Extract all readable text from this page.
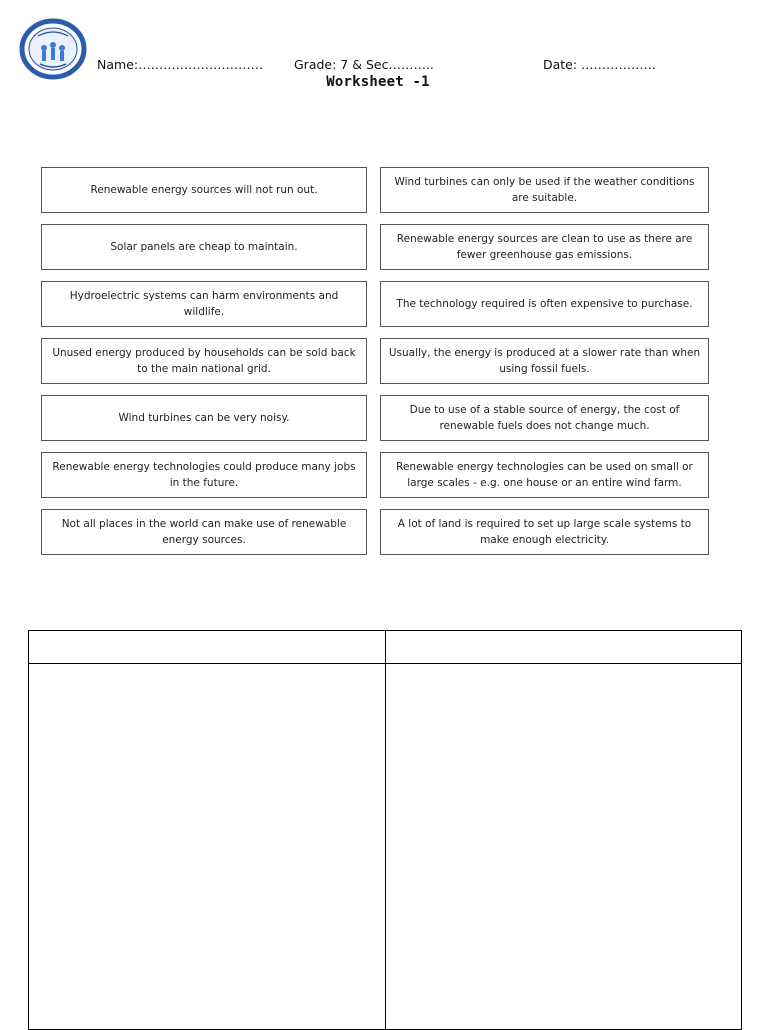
Name:………………………… Grade: 7 & Sec………..	Date: ………………
Worksheet -1
Renewable energy sources will not run out.
Wind turbines can only be used if the weather conditions are suitable.
Solar panels are cheap to maintain.
Renewable energy sources are clean to use as there are fewer greenhouse gas emissions.
Hydroelectric systems can harm environments and wildlife.
The technology required is often expensive to purchase.
Unused energy produced by households can be sold back to the main national grid.
Usually, the energy is produced at a slower rate than when using fossil fuels.
Wind turbines can be very noisy.
Due to use of a stable source of energy, the cost of renewable fuels does not change much.
Renewable energy technologies could produce many jobs in the future.
Renewable energy technologies can be used on small or large scales - e.g. one house or an entire wind farm.
Not all places in the world can make use of renewable energy sources.
A lot of land is required to set up large scale systems to make enough electricity.
